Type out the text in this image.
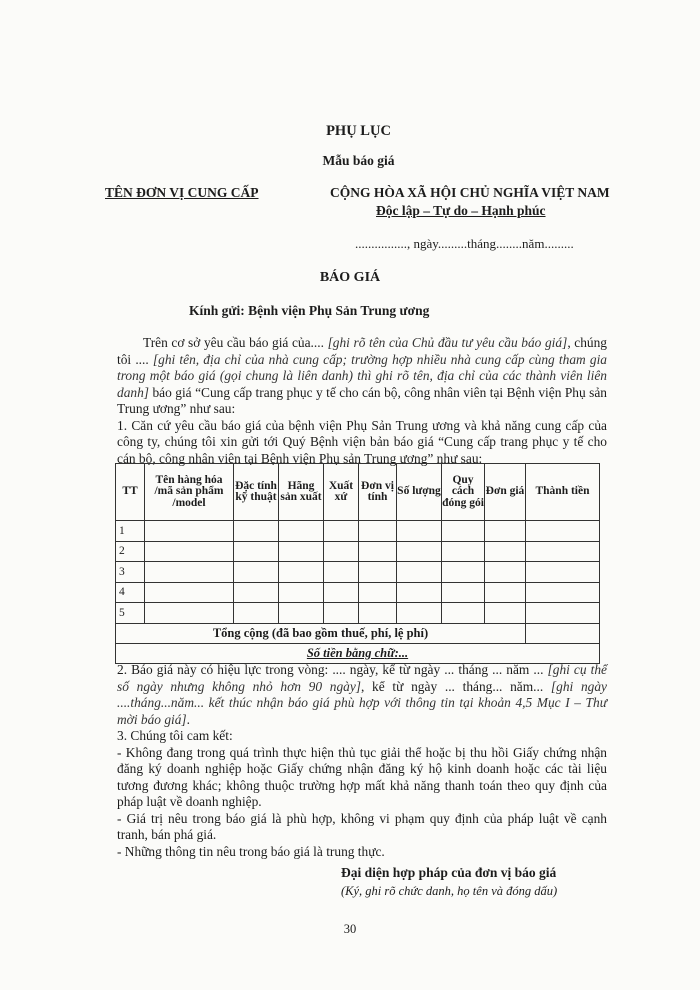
PHỤ LỤC
Mẫu báo giá
TÊN ĐƠN VỊ CUNG CẤP	CỘNG HÒA XÃ HỘI CHỦ NGHĨA VIỆT NAM
Độc lập – Tự do – Hạnh phúc
................, ngày.........tháng........năm.........
BÁO GIÁ
Kính gửi: Bệnh viện Phụ Sản Trung ương

Trên cơ sở yêu cầu báo giá của.... [ghi rõ tên của Chủ đầu tư yêu cầu báo giá], chúng tôi .... [ghi tên, địa chỉ của nhà cung cấp; trường hợp nhiều nhà cung cấp cùng tham gia trong một báo giá (gọi chung là liên danh) thì ghi rõ tên, địa chỉ của các thành viên liên danh] báo giá “Cung cấp trang phục y tế cho cán bộ, công nhân viên tại Bệnh viện Phụ sản Trung ương” như sau:

1. Căn cứ yêu cầu báo giá của bệnh viện Phụ Sản Trung ương và khả năng cung cấp của công ty, chúng tôi xin gửi tới Quý Bệnh viện bản báo giá “Cung cấp trang phục y tế cho cán bộ, công nhân viên tại Bệnh viện Phụ sản Trung ương” như sau:

TT	Tên hàng hóa /mã sản phẩm /model	Đặc tính kỹ thuật	Hãng sản xuất	Xuất xứ	Đơn vị tính	Số lượng	Quy cách đóng gói	Đơn giá	Thành tiền
1									
2									
3									
4									
5									
Tổng cộng (đã bao gồm thuế, phí, lệ phí)									
Số tiền bằng chữ:...									

2. Báo giá này có hiệu lực trong vòng: .... ngày, kể từ ngày ... tháng ... năm ... [ghi cụ thể số ngày nhưng không nhỏ hơn 90 ngày], kể từ ngày ... tháng... năm... [ghi ngày ....tháng...năm... kết thúc nhận báo giá phù hợp với thông tin tại khoản 4,5 Mục I – Thư mời báo giá].

3. Chúng tôi cam kết:

- Không đang trong quá trình thực hiện thủ tục giải thể hoặc bị thu hồi Giấy chứng nhận đăng ký doanh nghiệp hoặc Giấy chứng nhận đăng ký hộ kinh doanh hoặc các tài liệu tương đương khác; không thuộc trường hợp mất khả năng thanh toán theo quy định của pháp luật về doanh nghiệp.

- Giá trị nêu trong báo giá là phù hợp, không vi phạm quy định của pháp luật về cạnh tranh, bán phá giá.

- Những thông tin nêu trong báo giá là trung thực.

Đại diện hợp pháp của đơn vị báo giá
(Ký, ghi rõ chức danh, họ tên và đóng dấu)
30
